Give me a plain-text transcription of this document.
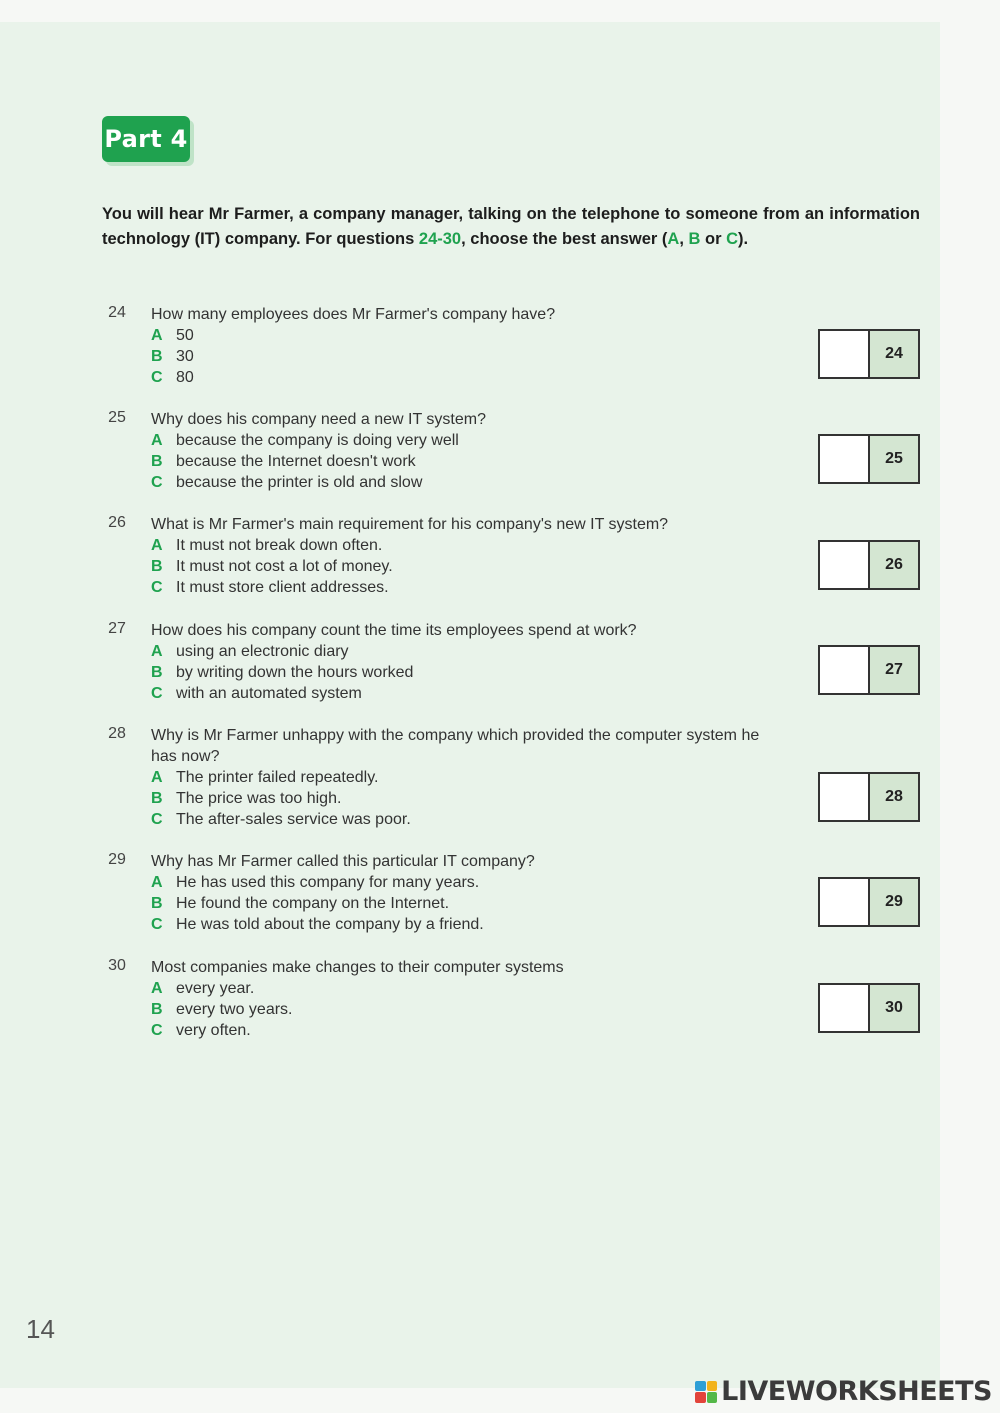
Part 4

You will hear Mr Farmer, a company manager, talking on the telephone to someone from an information technology (IT) company. For questions 24-30, choose the best answer (A, B or C).

24	How many employees does Mr Farmer's company have?
A 50
B 30
C 80
24
25	Why does his company need a new IT system?
A because the company is doing very well
B because the Internet doesn't work
C because the printer is old and slow
25
26	What is Mr Farmer's main requirement for his company's new IT system?
A It must not break down often.
B It must not cost a lot of money.
C It must store client addresses.
26
27	How does his company count the time its employees spend at work?
A using an electronic diary
B by writing down the hours worked
C with an automated system
27
28	Why is Mr Farmer unhappy with the company which provided the computer system he has now?
A The printer failed repeatedly.
B The price was too high.
C The after-sales service was poor.
28
29	Why has Mr Farmer called this particular IT company?
A He has used this company for many years.
B He found the company on the Internet.
C He was told about the company by a friend.
29
30	Most companies make changes to their computer systems
A every year.
B every two years.
C very often.
30
14
LIVEWORKSHEETS
